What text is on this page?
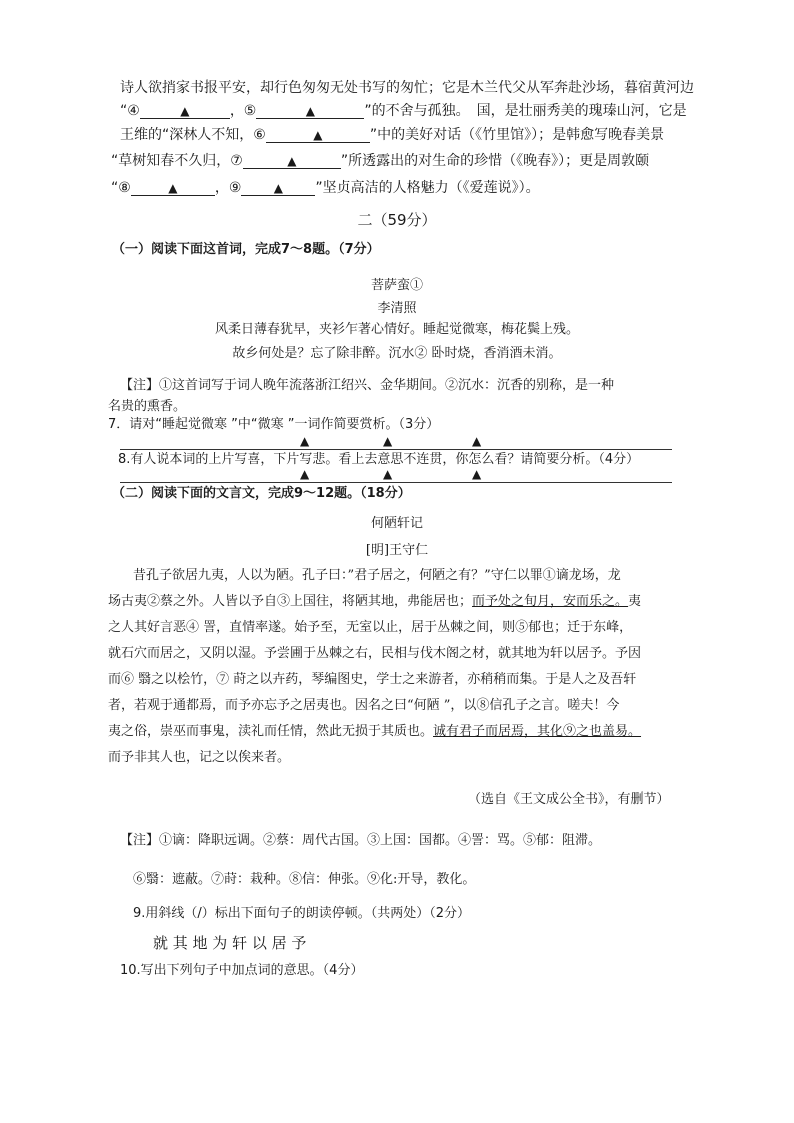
诗人欲捎家书报平安，却行色匆匆无处书写的匆忙；它是木兰代父从军奔赴沙场，暮宿黄河边
“④	▲	，⑤	▲	”的不舍与孤独。　国，是壮丽秀美的瑰瑧山河，它是
王维的“深林人不知，⑥	▲	”中的美好对话（《竹里馆》）；是韩愈写晚春美景
“草树知春不久归，⑦	▲	”所透露出的对生命的珍惜（《晚春》）；更是周敦颐
“⑧	▲	，⑨	▲ ”坚贞高洁的人格魅力（《爱莲说》）。
二（59分）
（一）阅读下面这首词，完成7～8题。（7分）
菩萨蛮①
李清照
风柔日薄春犹早，夹衫乍著心情好。睡起觉微寒，梅花鬓上残。
故乡何处是？忘了除非醉。沉水② 卧时烧，香消酒未消。
【注】①这首词写于词人晚年流落浙江绍兴、金华期间。②沉水：沉香的别称，是一种
名贵的熏香。
7．请对“睡起觉微寒 ”中“微寒 ”一词作简要赏析。（3分）
▲	▲	▲
8.有人说本词的上片写喜，下片写悲。看上去意思不连贯，你怎么看？请简要分析。（4分）
▲	▲	▲
（二）阅读下面的文言文，完成9～12题。（18分）
何陋轩记
[明]王守仁
昔孔子欲居九夷，人以为陋。孔子曰：”君子居之，何陋之有？”守仁以罪①谪龙场，龙
场古夷②蔡之外。人皆以予自③上国往，将陋其地，弗能居也；而予处之旬月，安而乐之。夷
之人其好言恶④ 詈，直情率遂。始予至，无室以止，居于丛棘之间，则⑤郁也；迁于东峰，
就石穴而居之，又阴以湿。予尝圃于丛棘之右，民相与伐木阁之材，就其地为轩以居予。予因
而⑥ 翳之以桧竹，⑦ 莳之以卉药，琴编图史，学士之来游者，亦稍稍而集。于是人之及吾轩
者，若观于通都焉，而予亦忘予之居夷也。因名之曰“何陋 ”，以⑧信孔子之言。嗟夫！今
夷之俗，崇巫而事鬼，渎礼而任情，然此无损于其质也。诚有君子而居焉，其化⑨之也盖易。
而予非其人也，记之以俟来者。
（选自《王文成公全书》，有删节）
【注】①谪：降职远调。②蔡：周代古国。③上国：国都。④詈：骂。⑤郁：阻滞。
⑥翳：遮蔽。⑦莳：栽种。⑧信：伸张。⑨化:开导，教化。
9.用斜线（/）标出下面句子的朗读停顿。（共两处）（2分）
就 其 地 为 轩 以 居 予
10.写出下列句子中加点词的意思。（4分）
